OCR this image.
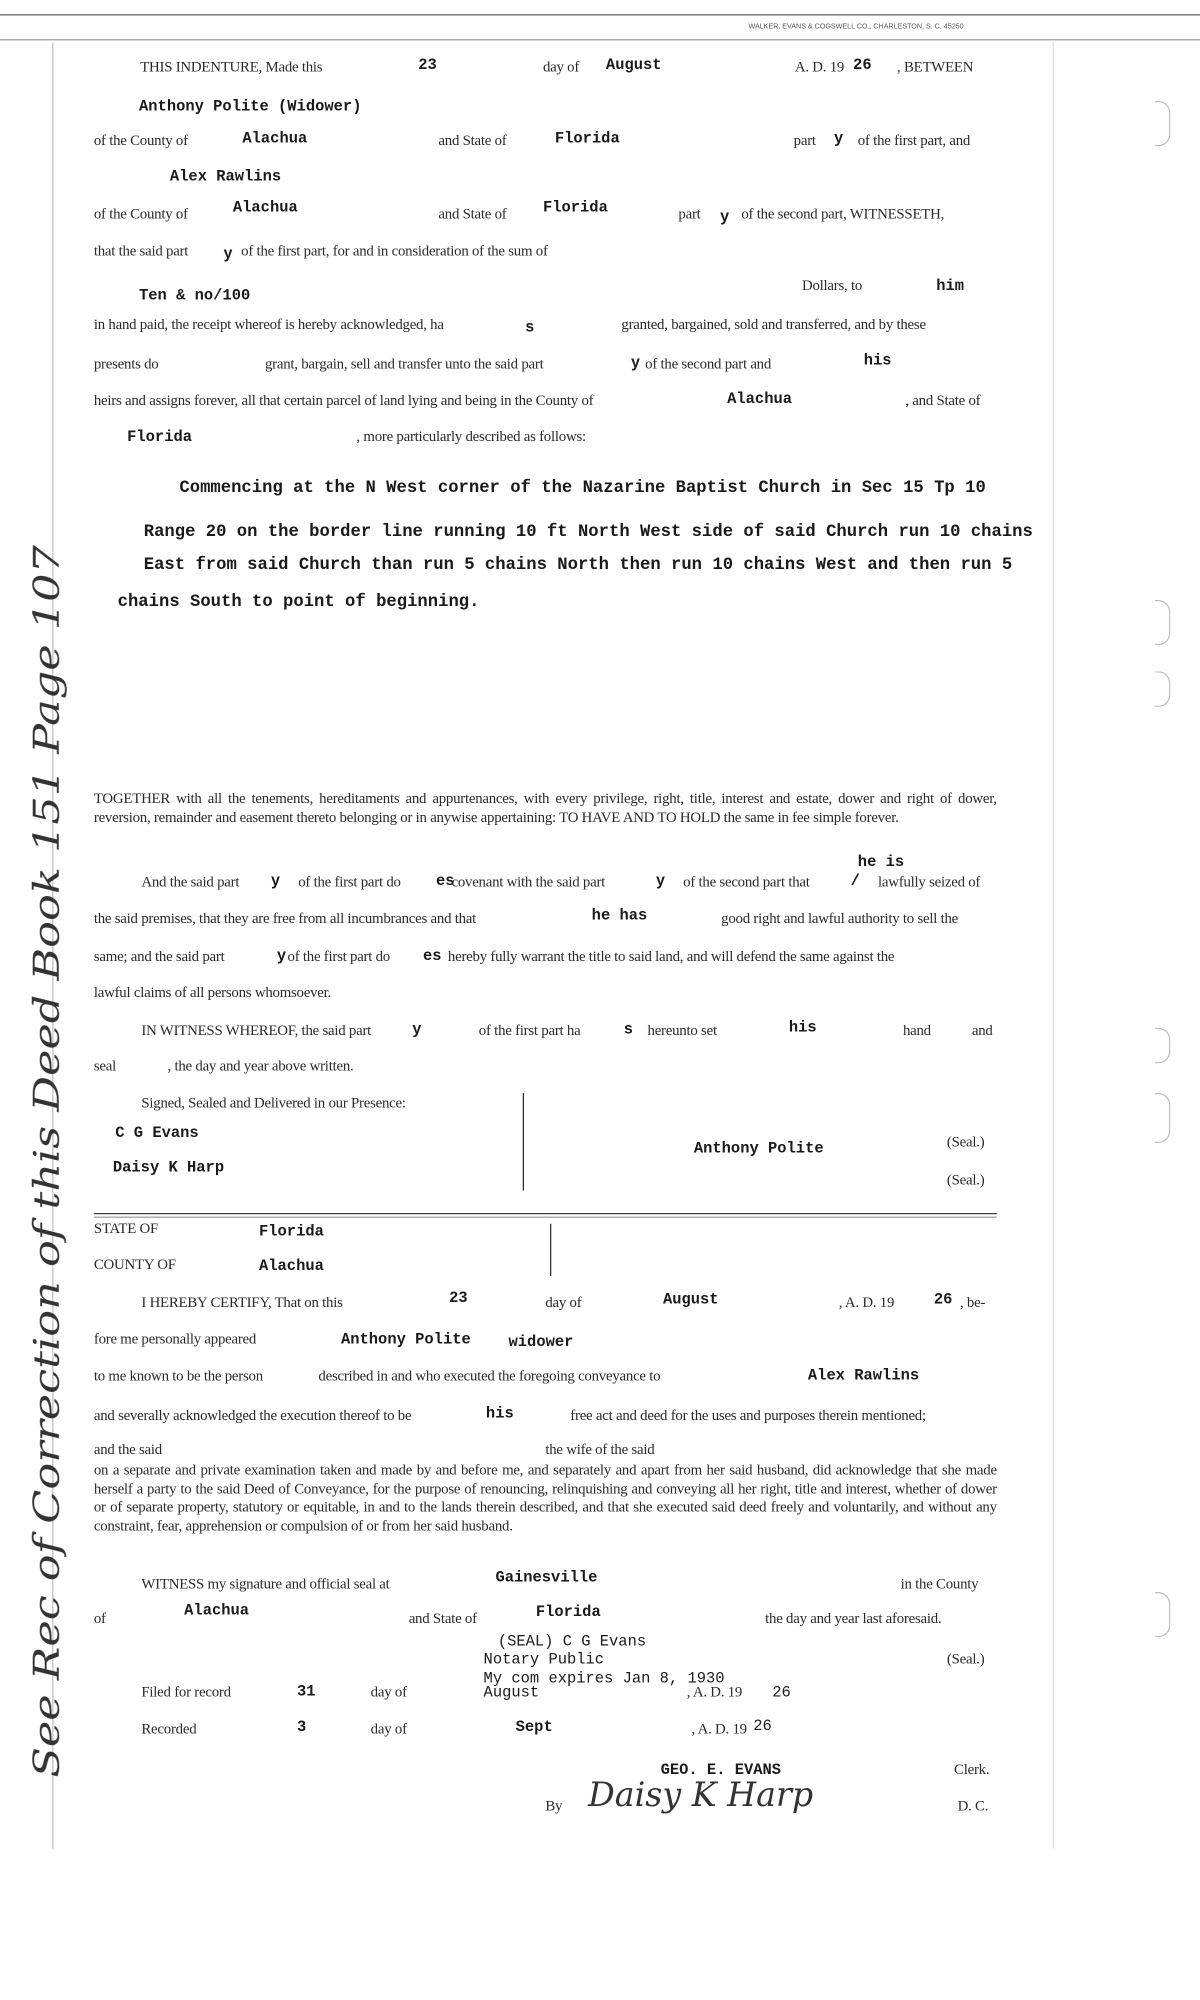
WALKER, EVANS & COGSWELL CO., CHARLESTON, S. C. 45250
See Rec of Correction of this Deed Book 151 Page 107
THIS INDENTURE, Made this	23	day of August	A. D. 19 26 , BETWEEN
Anthony Polite (Widower)
of the County of	Alachua	and State of	Florida	part y of the first part, and
Alex Rawlins
of the County of	Alachua	and State of	Florida	part y of the second part, WITNESSETH,
that the said part	y of the first part, for and in consideration of the sum of
Ten & no/100
Dollars, to	him
in hand paid, the receipt whereof is hereby acknowledged, ha	s	granted, bargained, sold and transferred, and by these
presents do	grant, bargain, sell and transfer unto the said part	y of the second part and	his
heirs and assigns forever, all that certain parcel of land lying and being in the County of	Alachua	, and State of
Florida	, more particularly described as follows:
Commencing at the N West corner of the Nazarine Baptist Church in Sec 15 Tp 10
Range 20 on the border line running 10 ft North West side of said Church run 10 chains
East from said Church than run 5 chains North then run 10 chains West and then run 5
chains South to point of beginning.
TOGETHER with all the tenements, hereditaments and appurtenances, with every privilege, right, title, interest and estate, dower and right of dower, reversion, remainder and easement thereto belonging or in anywise appertaining: TO HAVE AND TO HOLD the same in fee simple forever.
he is
And the said part y of the first part do	es
covenant with the said part	y of the second part that	/ lawfully seized of
the said premises, that they are free from all incumbrances and that	he has	good right and lawful authority to sell the
same; and the said part	y of the first part do	es hereby fully warrant the title to said land, and will defend the same against the
lawful claims of all persons whomsoever.
IN WITNESS WHEREOF, the said part	y	of the first part ha	s hereunto set	his	hand	and
seal	, the day and year above written.
Signed, Sealed and Delivered in our Presence:
C G Evans
Daisy K Harp
Anthony Polite	(Seal.)
(Seal.)
STATE OF	Florida
COUNTY OF	Alachua
I HEREBY CERTIFY, That on this	23	day of	August	, A. D. 19	26 , be-
fore me personally appeared	Anthony Polite	widower
to me known to be the person	described in and who executed the foregoing conveyance to	Alex Rawlins
and severally acknowledged the execution thereof to be	his	free act and deed for the uses and purposes therein mentioned;
and the said	the wife of the said
on a separate and private examination taken and made by and before me, and separately and apart from her said husband, did acknowledge that she made herself a party to the said Deed of Conveyance, for the purpose of renouncing, relinquishing and conveying all her right, title and interest, whether of dower or of separate property, statutory or equitable, in and to the lands therein described, and that she executed said deed freely and voluntarily, and without any constraint, fear, apprehension or compulsion of or from her said husband.
WITNESS my signature and official seal at	Gainesville	in the County
of	Alachua	and State of	Florida	the day and year last aforesaid.
(SEAL) C G Evans
Notary Public
My com expires Jan 8, 1930
(Seal.)
Filed for record	31	day of	August	, A. D. 19 26
Recorded	3	day of	Sept	, A. D. 19 26
GEO. E. EVANS	Clerk.
By Daisy K Harp	D. C.
